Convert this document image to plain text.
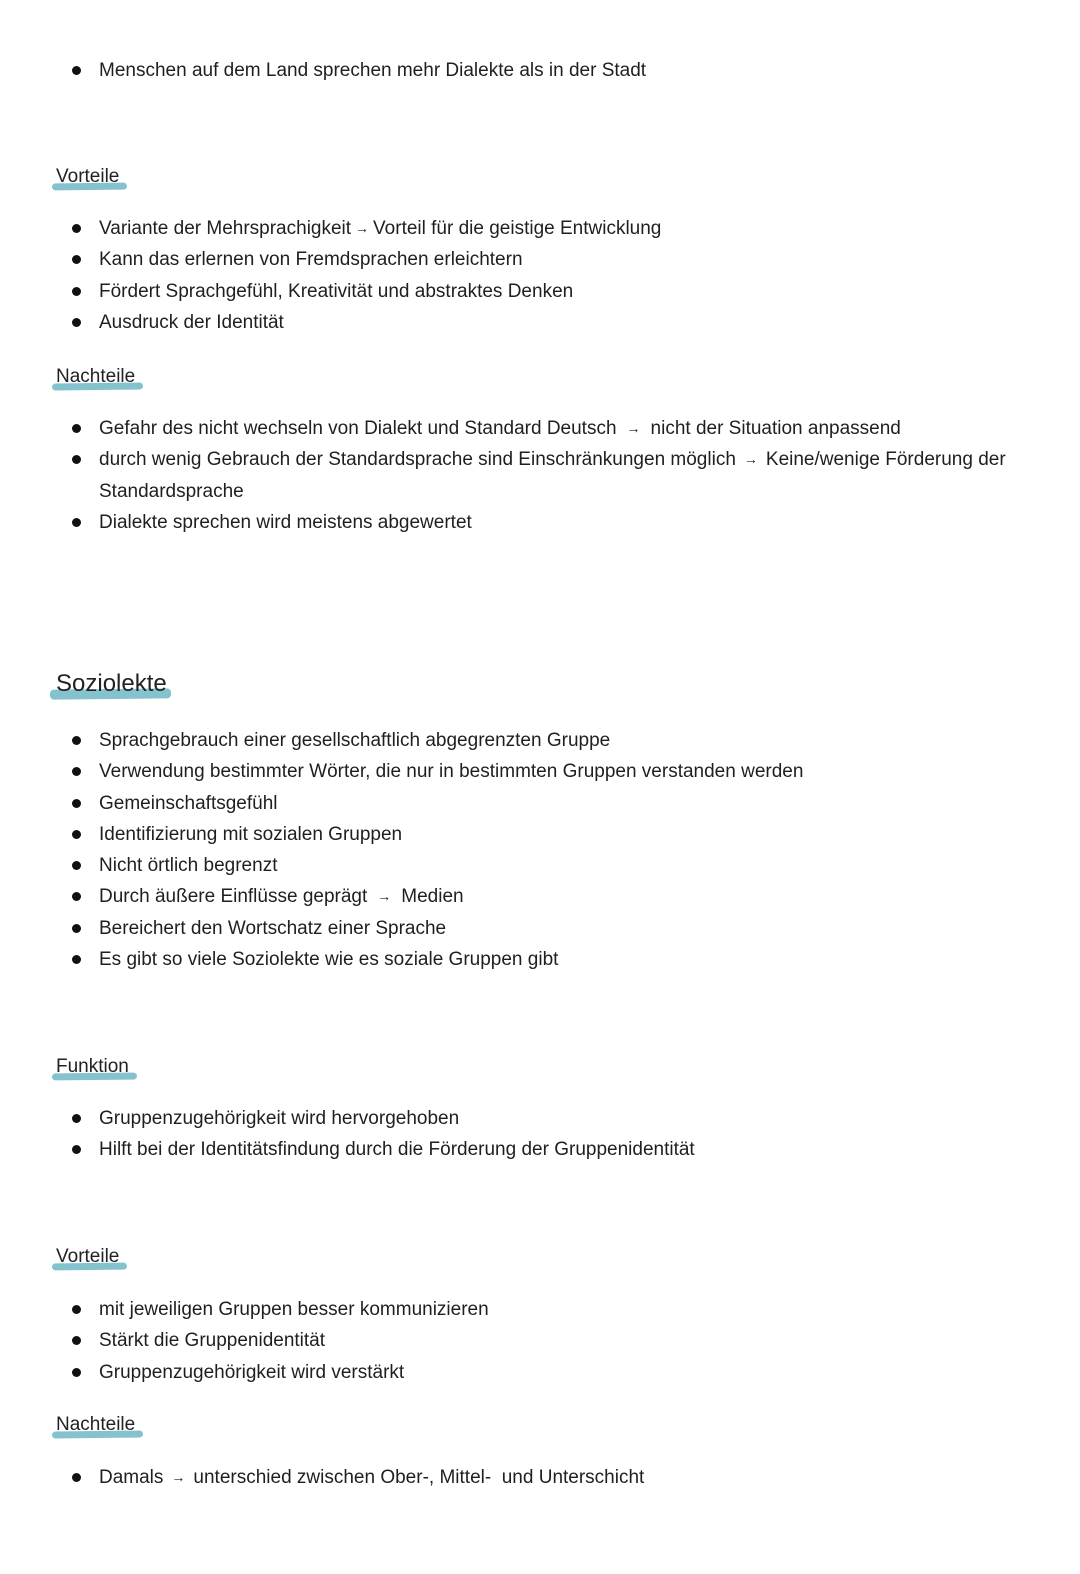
Menschen auf dem Land sprechen mehr Dialekte als in der Stadt
Vorteile
Variante der Mehrsprachigkeit → Vorteil für die geistige Entwicklung
Kann das erlernen von Fremdsprachen erleichtern
Fördert Sprachgefühl, Kreativität und abstraktes Denken
Ausdruck der Identität
Nachteile
Gefahr des nicht wechseln von Dialekt und Standard Deutsch → nicht der Situation anpassend
durch wenig Gebrauch der Standardsprache sind Einschränkungen möglich → Keine/wenige Förderung der Standardsprache
Dialekte sprechen wird meistens abgewertet
Soziolekte
Sprachgebrauch einer gesellschaftlich abgegrenzten Gruppe
Verwendung bestimmter Wörter, die nur in bestimmten Gruppen verstanden werden
Gemeinschaftsgefühl
Identifizierung mit sozialen Gruppen
Nicht örtlich begrenzt
Durch äußere Einflüsse geprägt → Medien
Bereichert den Wortschatz einer Sprache
Es gibt so viele Soziolekte wie es soziale Gruppen gibt
Funktion
Gruppenzugehörigkeit wird hervorgehoben
Hilft bei der Identitätsfindung durch die Förderung der Gruppenidentität
Vorteile
mit jeweiligen Gruppen besser kommunizieren
Stärkt die Gruppenidentität
Gruppenzugehörigkeit wird verstärkt
Nachteile
Damals → unterschied zwischen Ober-, Mittel-  und Unterschicht
